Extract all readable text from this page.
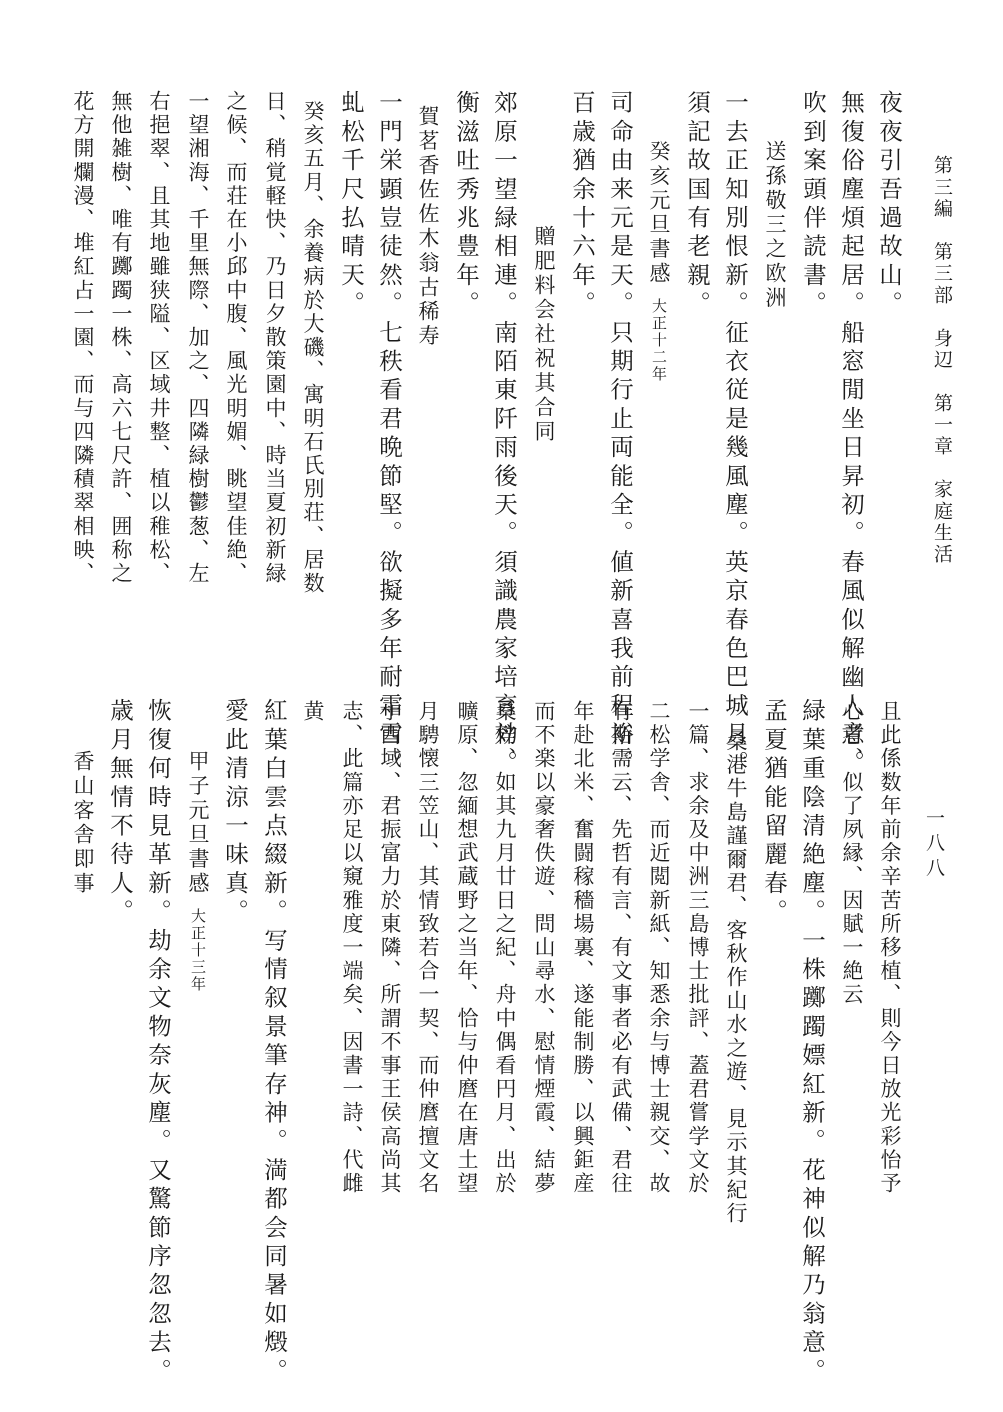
第三編　第三部　身辺　第一章　家庭生活
一八八
夜夜引吾過故山。
無復俗塵煩起居。船窓閒坐日昇初。春風似解幽人意。
吹到案頭伴読書。
送孫敬三之欧洲
一去正知別恨新。征衣従是幾風塵。英京春色巴城月。
須記故国有老親。
癸亥元旦書感大正十二年
司命由来元是天。只期行止両能全。値新喜我前程裕。
百歳猶余十六年。
贈肥料会社祝其合同
郊原一望緑相連。南陌東阡雨後天。須識農家培育効。
衡滋吐秀兆豊年。
賀茗香佐佐木翁古稀寿
一門栄顕豈徒然。七秩看君晩節堅。欲擬多年耐霜雪。
虬松千尺払晴天。
癸亥五月、余養病於大磯、寓明石氏別荘、居数
日、稍覚軽快、乃日夕散策園中、時当夏初新緑
之候、而荘在小邱中腹、風光明媚、眺望佳絶、
一望湘海、千里無際、加之、四隣緑樹鬱葱、左
右挹翠、且其地雖狭隘、区域井整、植以稚松、
無他雑樹、唯有躑躅一株、高六七尺許、囲称之
花方開爛漫、堆紅占一園、而与四隣積翠相映、
且此係数年前余辛苦所移植、則今日放光彩怡予
心者、似了夙縁、因賦一絶云
緑葉重陰清絶塵。一株躑躅嫖紅新。花神似解乃翁意。
孟夏猶能留麗春。
桑港牛島謹爾君、客秋作山水之遊、見示其紀行
一篇、求余及中洲三島博士批評、蓋君嘗学文於
二松学舎、而近閲新紙、知悉余与博士親交、故
有斯需云、先哲有言、有文事者必有武備、君往
年赴北米、奮闘稼穡場裏、遂能制勝、以興鉅産
而不楽以豪奢佚遊、問山尋水、慰情煙霞、結夢
桑梓、如其九月廿日之紀、舟中偶看円月、出於
曠原、忽緬想武蔵野之当年、恰与仲麿在唐土望
月騁懐三笠山、其情致若合一契、而仲麿擅文名
于西域、君振富力於東隣、所謂不事王侯高尚其
志、此篇亦足以窺雅度一端矣、因書一詩、代雌
黄
紅葉白雲点綴新。写情叙景筆存神。満都会同暑如燬。
愛此清涼一味真。
甲子元旦書感大正十三年
恢復何時見革新。劫余文物奈灰塵。又驚節序忽忽去。
歳月無情不待人。
香山客舎即事
